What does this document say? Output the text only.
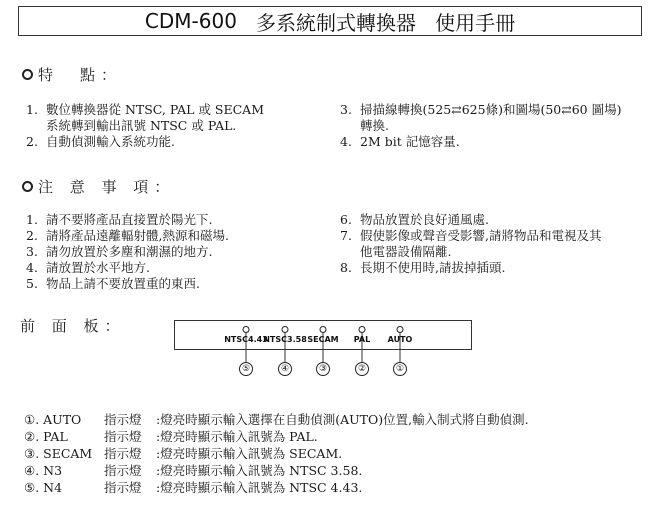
CDM-600
多系統制式轉換器
使用手冊
特　點：
1. 數位轉換器從 NTSC, PAL 或 SECAM
系統轉到輸出訊號 NTSC 或 PAL.
2. 自動偵測輸入系統功能.
3. 掃描線轉換(525⇄625條)和圖場(50⇄60 圖場)
轉換.
4. 2M bit 記憶容量.
注 意 事 項：
1. 請不要將產品直接置於陽光下.
2. 請將產品遠離輻射體,熱源和磁場.
3. 請勿放置於多塵和潮濕的地方.
4. 請放置於水平地方.
5. 物品上請不要放置重的東西.
6. 物品放置於良好通風處.
7. 假使影像或聲音受影響,請將物品和電視及其
他電器設備隔離.
8. 長期不使用時,請拔掉插頭.
前 面 板：
NTSC4.43
⑤
NTSC3.58
④
SECAM
③
PAL
②
AUTO
①
①. AUTO	指示燈	:燈亮時顯示輸入選擇在自動偵測(AUTO)位置,輸入制式將自動偵測.
②. PAL	指示燈	:燈亮時顯示輸入訊號為 PAL.
③. SECAM 指示燈	:燈亮時顯示輸入訊號為 SECAM.
④. N3	指示燈	:燈亮時顯示輸入訊號為 NTSC 3.58.
⑤. N4	指示燈	:燈亮時顯示輸入訊號為 NTSC 4.43.
